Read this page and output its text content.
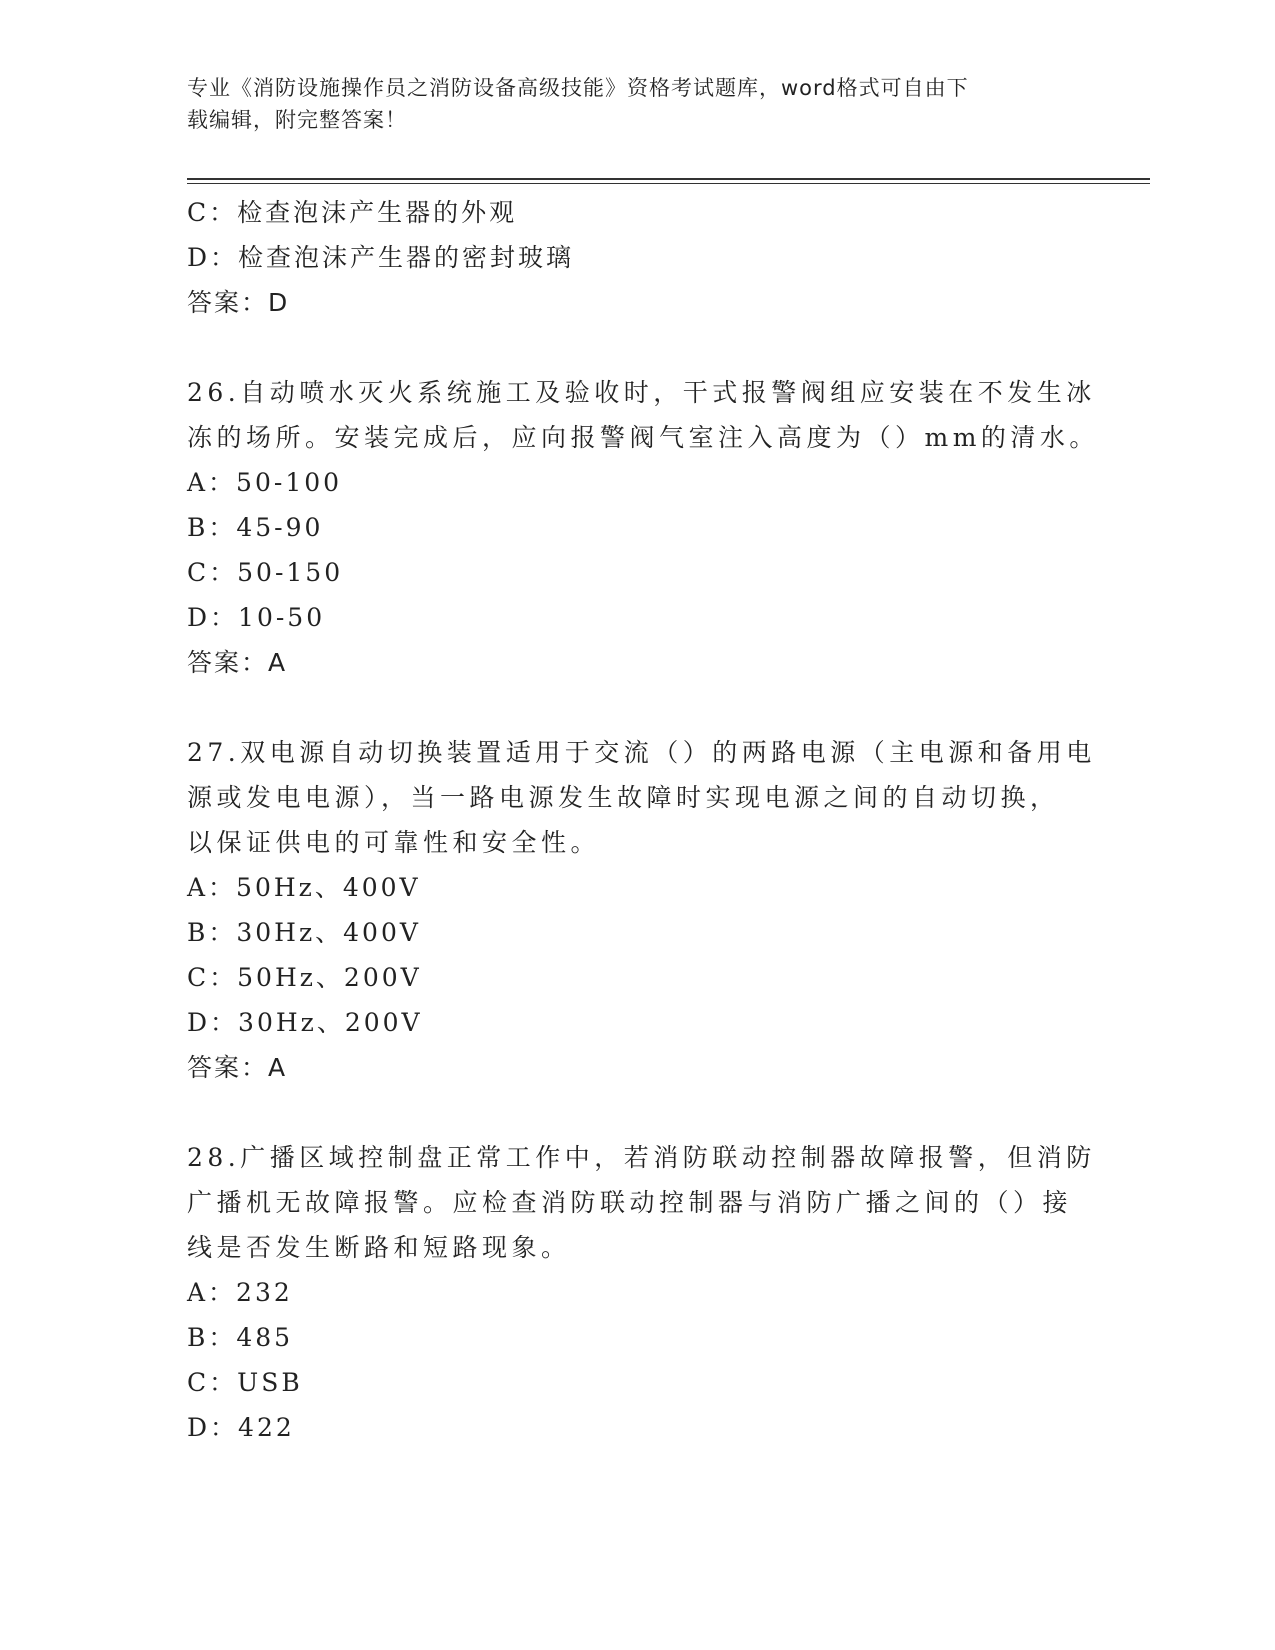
专业《消防设施操作员之消防设备高级技能》资格考试题库，word格式可自由下
载编辑，附完整答案！
C：检查泡沫产生器的外观
D：检查泡沫产生器的密封玻璃
答案：D
26.自动喷水灭火系统施工及验收时，干式报警阀组应安装在不发生冰
冻的场所。安装完成后，应向报警阀气室注入高度为（）mm的清水。
A：50-100
B：45-90
C：50-150
D：10-50
答案：A
27.双电源自动切换装置适用于交流（）的两路电源（主电源和备用电
源或发电电源），当一路电源发生故障时实现电源之间的自动切换，
以保证供电的可靠性和安全性。
A：50Hz、400V
B：30Hz、400V
C：50Hz、200V
D：30Hz、200V
答案：A
28.广播区域控制盘正常工作中，若消防联动控制器故障报警，但消防
广播机无故障报警。应检查消防联动控制器与消防广播之间的（）接
线是否发生断路和短路现象。
A：232
B：485
C：USB
D：422
